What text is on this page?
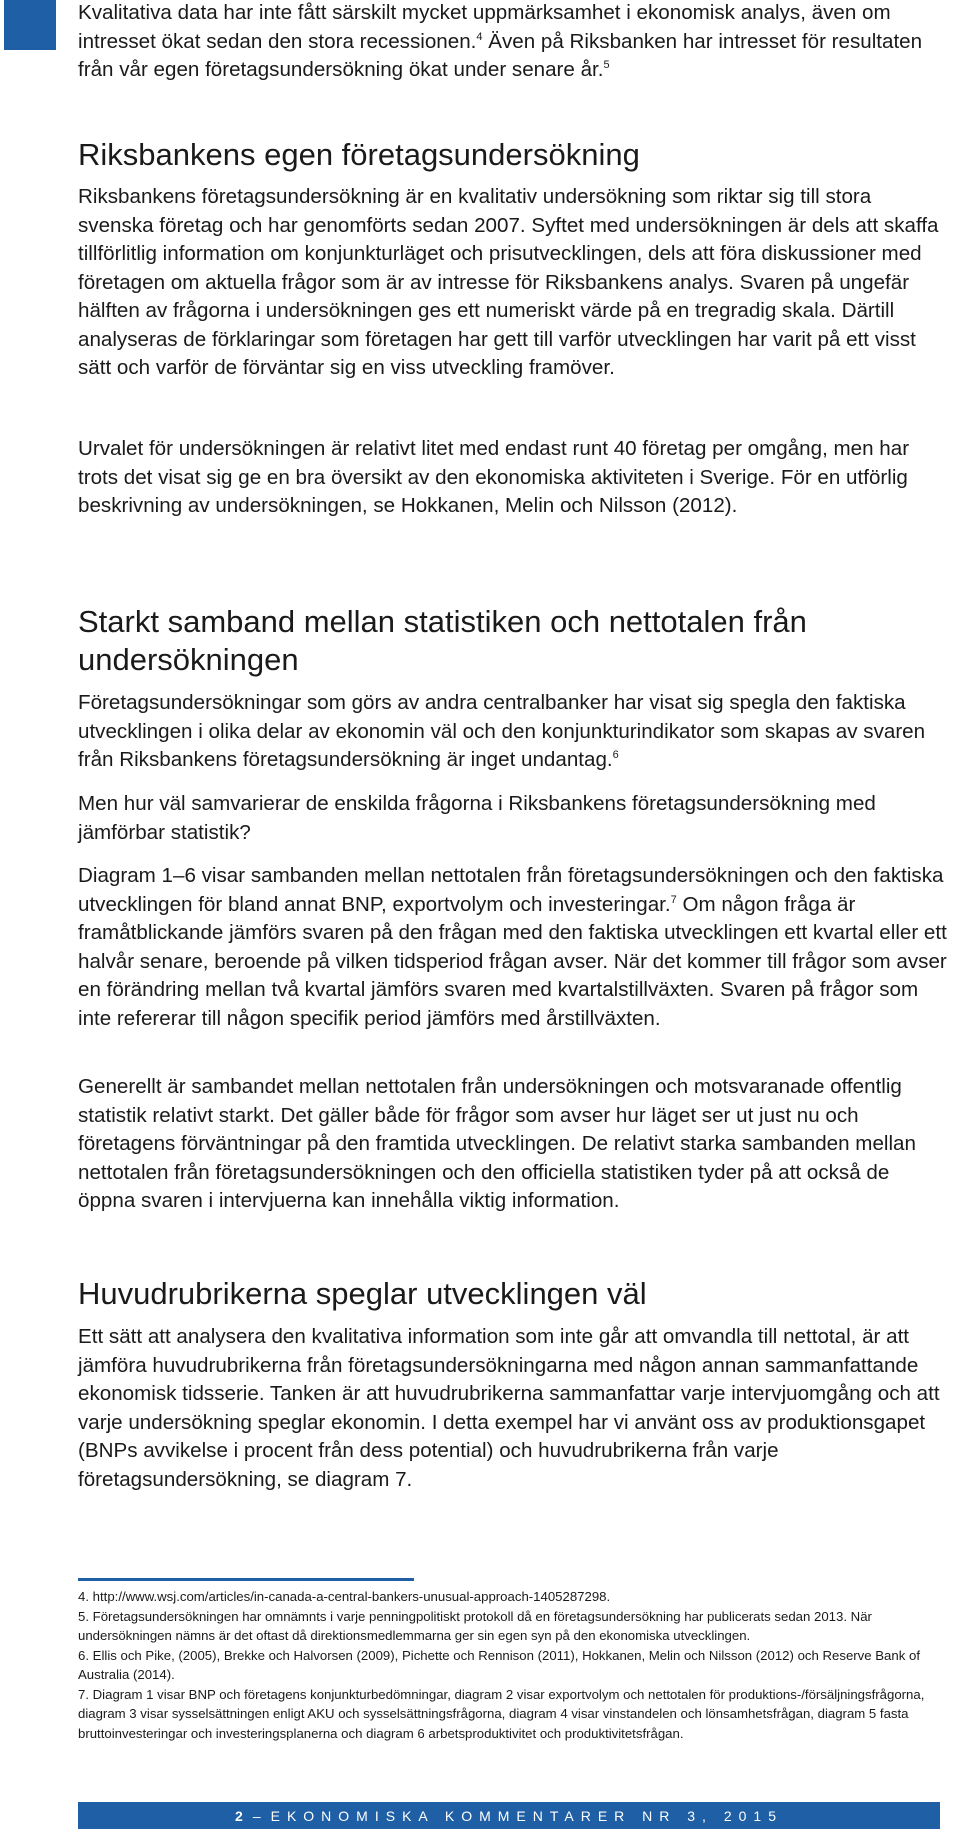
Kvalitativa data har inte fått särskilt mycket uppmärksamhet i ekonomisk analys, även om intresset ökat sedan den stora recessionen.$^4$ Även på Riksbanken har intresset för resultaten från vår egen företagsundersökning ökat under senare år.$^5$

Riksbankens egen företagsundersökning

Riksbankens företagsundersökning är en kvalitativ undersökning som riktar sig till stora svenska företag och har genomförts sedan 2007. Syftet med undersökningen är dels att skaffa tillförlitlig information om konjunkturläget och prisutvecklingen, dels att föra diskussioner med företagen om aktuella frågor som är av intresse för Riksbankens analys. Svaren på ungefär hälften av frågorna i undersökningen ges ett numeriskt värde på en tregradig skala. Därtill analyseras de förklaringar som företagen har gett till varför utvecklingen har varit på ett visst sätt och varför de förväntar sig en viss utveckling framöver.

Urvalet för undersökningen är relativt litet med endast runt 40 företag per omgång, men har trots det visat sig ge en bra översikt av den ekonomiska aktiviteten i Sverige. För en utförlig beskrivning av undersökningen, se Hokkanen, Melin och Nilsson (2012).

Starkt samband mellan statistiken och nettotalen från undersökningen

Företagsundersökningar som görs av andra centralbanker har visat sig spegla den faktiska utvecklingen i olika delar av ekonomin väl och den konjunkturindikator som skapas av svaren från Riksbankens företagsundersökning är inget undantag.$^6$

Men hur väl samvarierar de enskilda frågorna i Riksbankens företagsundersökning med jämförbar statistik?

Diagram 1–6 visar sambanden mellan nettotalen från företagsundersökningen och den faktiska utvecklingen för bland annat BNP, exportvolym och investeringar.$^7$ Om någon fråga är framåtblickande jämförs svaren på den frågan med den faktiska utvecklingen ett kvartal eller ett halvår senare, beroende på vilken tidsperiod frågan avser. När det kommer till frågor som avser en förändring mellan två kvartal jämförs svaren med kvartalstillväxten. Svaren på frågor som inte refererar till någon specifik period jämförs med årstillväxten.

Generellt är sambandet mellan nettotalen från undersökningen och motsvaranade offentlig statistik relativt starkt. Det gäller både för frågor som avser hur läget ser ut just nu och företagens förväntningar på den framtida utvecklingen. De relativt starka sambanden mellan nettotalen från företagsundersökningen och den officiella statistiken tyder på att också de öppna svaren i intervjuerna kan innehålla viktig information.

Huvudrubrikerna speglar utvecklingen väl

Ett sätt att analysera den kvalitativa information som inte går att omvandla till nettotal, är att jämföra huvudrubrikerna från företagsundersökningarna med någon annan sammanfattande ekonomisk tidsserie. Tanken är att huvudrubrikerna sammanfattar varje intervjuomgång och att varje undersökning speglar ekonomin. I detta exempel har vi använt oss av produktionsgapet (BNPs avvikelse i procent från dess potential) och huvudrubrikerna från varje företagsundersökning, se diagram 7.

4. http://www.wsj.com/articles/in-canada-a-central-bankers-unusual-approach-1405287298.

5. Företagsundersökningen har omnämnts i varje penningpolitiskt protokoll då en företagsundersökning har publicerats sedan 2013. När undersökningen nämns är det oftast då direktionsmedlemmarna ger sin egen syn på den ekonomiska utvecklingen.

6. Ellis och Pike, (2005), Brekke och Halvorsen (2009), Pichette och Rennison (2011), Hokkanen, Melin och Nilsson (2012) och Reserve Bank of Australia (2014).

7. Diagram 1 visar BNP och företagens konjunkturbedömningar, diagram 2 visar exportvolym och nettotalen för produktions-/försäljningsfrågorna, diagram 3 visar sysselsättningen enligt AKU och sysselsättningsfrågorna, diagram 4 visar vinstandelen och lönsamhetsfrågan, diagram 5 fasta bruttoinvesteringar och investeringsplanerna och diagram 6 arbetsproduktivitet och produktivitetsfrågan.

2 – EKONOMISKA KOMMENTARER NR 3, 2015
